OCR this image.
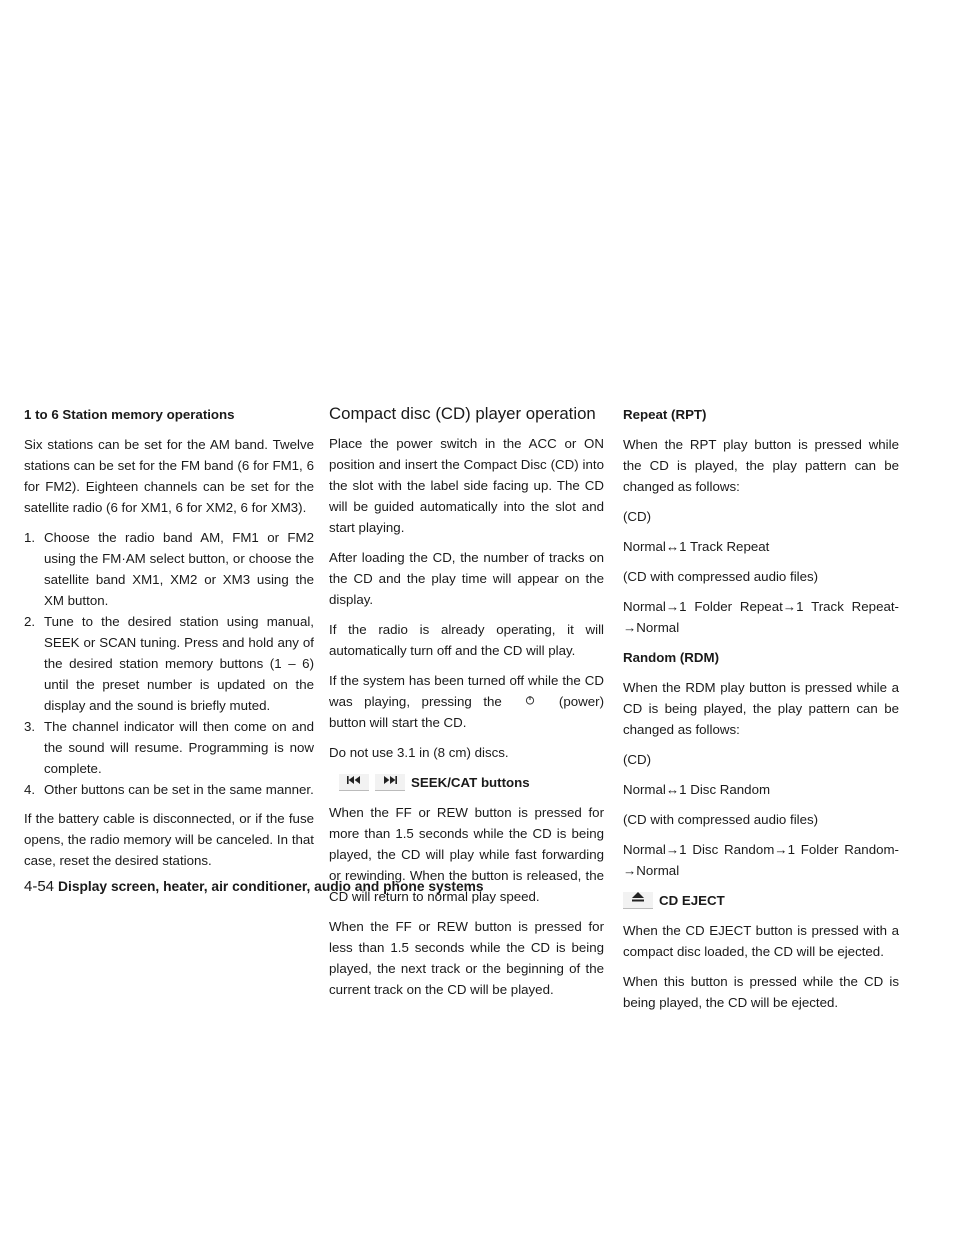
1 to 6 Station memory operations

Six stations can be set for the AM band. Twelve stations can be set for the FM band (6 for FM1, 6 for FM2). Eighteen channels can be set for the satellite radio (6 for XM1, 6 for XM2, 6 for XM3).

1. Choose the radio band AM, FM1 or FM2 using the FM·AM select button, or choose the satellite band XM1, XM2 or XM3 using the XM button.
2. Tune to the desired station using manual, SEEK or SCAN tuning. Press and hold any of the desired station memory buttons (1 – 6) until the preset number is updated on the display and the sound is briefly muted.
3. The channel indicator will then come on and the sound will resume. Programming is now complete.
4. Other buttons can be set in the same manner.

If the battery cable is disconnected, or if the fuse opens, the radio memory will be canceled. In that case, reset the desired stations.

Compact disc (CD) player operation

Place the power switch in the ACC or ON position and insert the Compact Disc (CD) into the slot with the label side facing up. The CD will be guided automatically into the slot and start playing.

After loading the CD, the number of tracks on the CD and the play time will appear on the display.

If the radio is already operating, it will automatically turn off and the CD will play.

If the system has been turned off while the CD was playing, pressing the	(power) button will start the CD.

Do not use 3.1 in (8 cm) discs.

SEEK/CAT buttons

When the FF or REW button is pressed for more than 1.5 seconds while the CD is being played, the CD will play while fast forwarding or rewinding. When the button is released, the CD will return to normal play speed.

When the FF or REW button is pressed for less than 1.5 seconds while the CD is being played, the next track or the beginning of the current track on the CD will be played.

Repeat (RPT)

When the RPT play button is pressed while the CD is played, the play pattern can be changed as follows:

(CD)

Normal↔1 Track Repeat

(CD with compressed audio files)

Normal→1 Folder Repeat→1 Track Repeat-→Normal

Random (RDM)

When the RDM play button is pressed while a CD is being played, the play pattern can be changed as follows:

(CD)

Normal↔1 Disc Random

(CD with compressed audio files)

Normal→1 Disc Random→1 Folder Random-→Normal

CD EJECT

When the CD EJECT button is pressed with a compact disc loaded, the CD will be ejected.

When this button is pressed while the CD is being played, the CD will be ejected.

4-54 Display screen, heater, air conditioner, audio and phone systems
